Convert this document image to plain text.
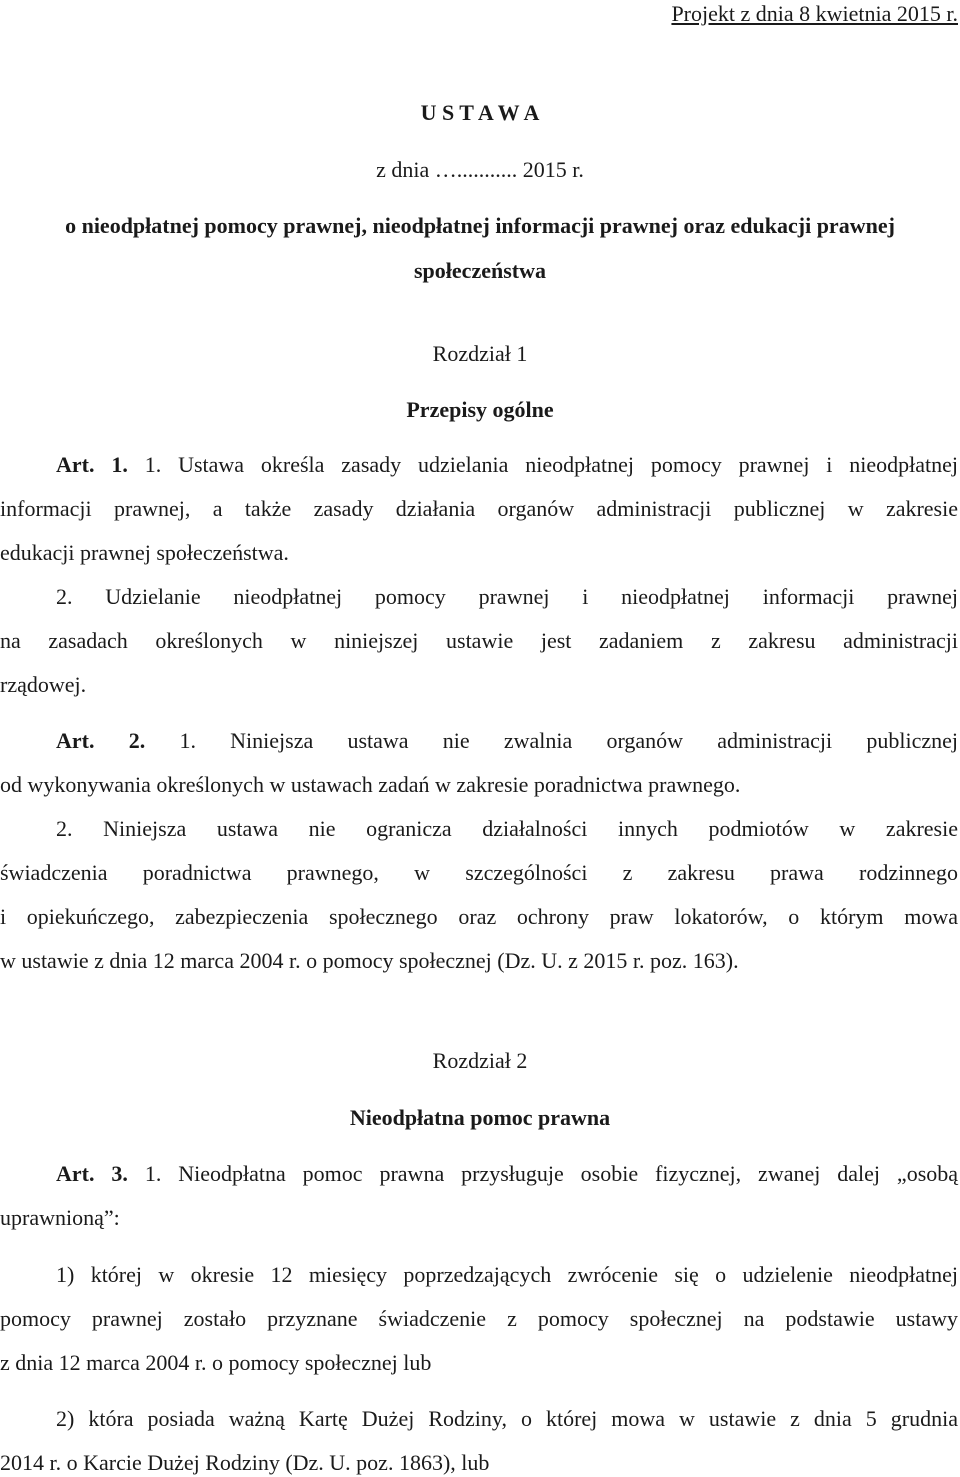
Projekt z dnia 8 kwietnia 2015 r.
U S T A W A
z dnia …........... 2015 r.
o nieodpłatnej pomocy prawnej, nieodpłatnej informacji prawnej oraz edukacji prawnej
społeczeństwa
Rozdział 1
Przepisy ogólne
Art. 1. 1. Ustawa określa zasady udzielania nieodpłatnej pomocy prawnej i nieodpłatnej
informacji prawnej, a także zasady działania organów administracji publicznej w zakresie
edukacji prawnej społeczeństwa.
2. Udzielanie nieodpłatnej pomocy prawnej i nieodpłatnej informacji prawnej
na zasadach określonych w niniejszej ustawie jest zadaniem z zakresu administracji
rządowej.
Art. 2. 1. Niniejsza ustawa nie zwalnia organów administracji publicznej
od wykonywania określonych w ustawach zadań w zakresie poradnictwa prawnego.
2. Niniejsza ustawa nie ogranicza działalności innych podmiotów w zakresie
świadczenia poradnictwa prawnego, w szczególności z zakresu prawa rodzinnego
i opiekuńczego, zabezpieczenia społecznego oraz ochrony praw lokatorów, o którym mowa
w ustawie z dnia 12 marca 2004 r. o pomocy społecznej (Dz. U. z 2015 r. poz. 163).
Rozdział 2
Nieodpłatna pomoc prawna
Art. 3. 1. Nieodpłatna pomoc prawna przysługuje osobie fizycznej, zwanej dalej „osobą
uprawnioną”:
1) której w okresie 12 miesięcy poprzedzających zwrócenie się o udzielenie nieodpłatnej
pomocy prawnej zostało przyznane świadczenie z pomocy społecznej na podstawie ustawy
z dnia 12 marca 2004 r. o pomocy społecznej lub
2) która posiada ważną Kartę Dużej Rodziny, o której mowa w ustawie z dnia 5 grudnia
2014 r. o Karcie Dużej Rodziny (Dz. U. poz. 1863), lub
